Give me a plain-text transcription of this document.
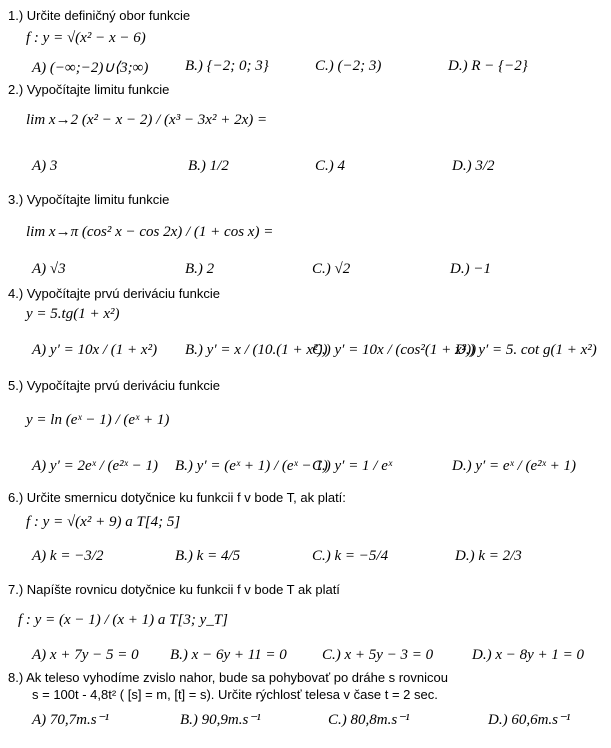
1.) Určite definičný obor funkcie
f : y = √(x² − x − 6)
A) (−∞;−2)∪⟨3;∞) B.) {−2; 0; 3}	C.) (−2; 3)	D.) R − {−2}
2.) Vypočítajte limitu funkcie
lim x→2 (x² − x − 2) / (x³ − 3x² + 2x) =
A) 3	B.) 1/2	C.) 4	D.) 3/2
3.) Vypočítajte limitu funkcie
lim x→π (cos² x − cos 2x) / (1 + cos x) =
A) √3	B.) 2	C.) √2	D.) −1
4.) Vypočítajte prvú deriváciu funkcie
y = 5.tg(1 + x²)
A) y′ = 10x / (1 + x²) B.) y′ = x / (10.(1 + x²))
C.) y′ = 10x / (cos²(1 + x²))
D.) y′ = 5. cot g(1 + x²)
5.) Vypočítajte prvú deriváciu funkcie
y = ln (eˣ − 1) / (eˣ + 1)
A) y′ = 2eˣ / (e²ˣ − 1) B.) y′ = (eˣ + 1) / (eˣ − 1)
C.) y′ = 1 / eˣ	D.) y′ = eˣ / (e²ˣ + 1)
6.) Určite smernicu dotyčnice ku funkcii f v bode T, ak platí:
f : y = √(x² + 9) a T[4; 5]
A) k = −3/2	B.) k = 4/5	C.) k = −5/4	D.) k = 2/3
7.) Napíšte rovnicu dotyčnice ku funkcii f v bode T ak platí
f : y = (x − 1) / (x + 1) a T[3; y_T]
A) x + 7y − 5 = 0 B.) x − 6y + 11 = 0 C.) x + 5y − 3 = 0	D.) x − 8y + 1 = 0
8.) Ak teleso vyhodíme zvislo nahor, bude sa pohybovať po dráhe s rovnicou
s = 100t - 4,8t² ( [s] = m, [t] = s). Určite rýchlosť telesa v čase t = 2 sec.
A) 70,7m.s⁻¹	B.) 90,9m.s⁻¹	C.) 80,8m.s⁻¹	D.) 60,6m.s⁻¹
